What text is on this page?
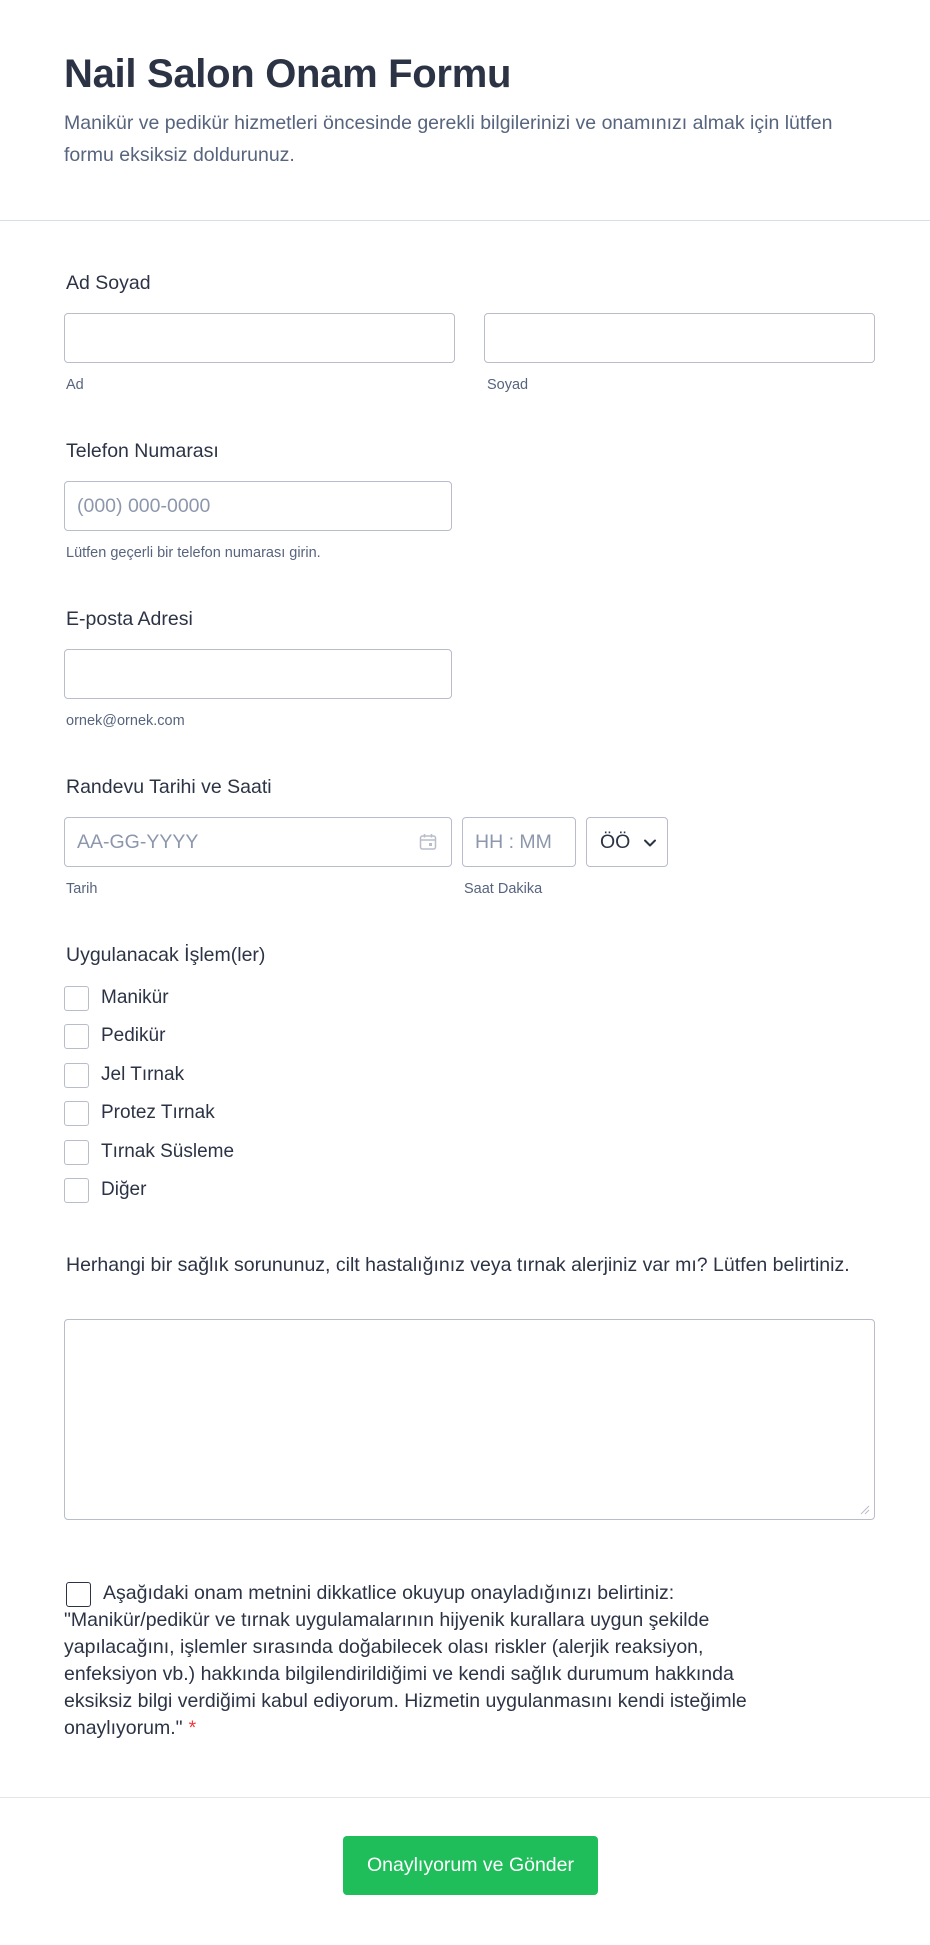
Nail Salon Onam Formu
Manikür ve pedikür hizmetleri öncesinde gerekli bilgilerinizi ve onamınızı almak için lütfen formu eksiksiz doldurunuz.
Ad Soyad
Ad	Soyad
Telefon Numarası
(000) 000-0000
Lütfen geçerli bir telefon numarası girin.
E-posta Adresi
ornek@ornek.com
Randevu Tarihi ve Saati
AA-GG-YYYY	HH : MM ÖÖ
Tarih	Saat Dakika
Uygulanacak İşlem(ler)
Manikür
Pedikür
Jel Tırnak
Protez Tırnak
Tırnak Süsleme
Diğer
Herhangi bir sağlık sorununuz, cilt hastalığınız veya tırnak alerjiniz var mı? Lütfen belirtiniz.
Aşağıdaki onam metnini dikkatlice okuyup onayladığınızı belirtiniz:
"Manikür/pedikür ve tırnak uygulamalarının hijyenik kurallara uygun şekilde yapılacağını, işlemler sırasında doğabilecek olası riskler (alerjik reaksiyon, enfeksiyon vb.) hakkında bilgilendirildiğimi ve kendi sağlık durumum hakkında eksiksiz bilgi verdiğimi kabul ediyorum. Hizmetin uygulanmasını kendi isteğimle onaylıyorum." *
Onaylıyorum ve Gönder
